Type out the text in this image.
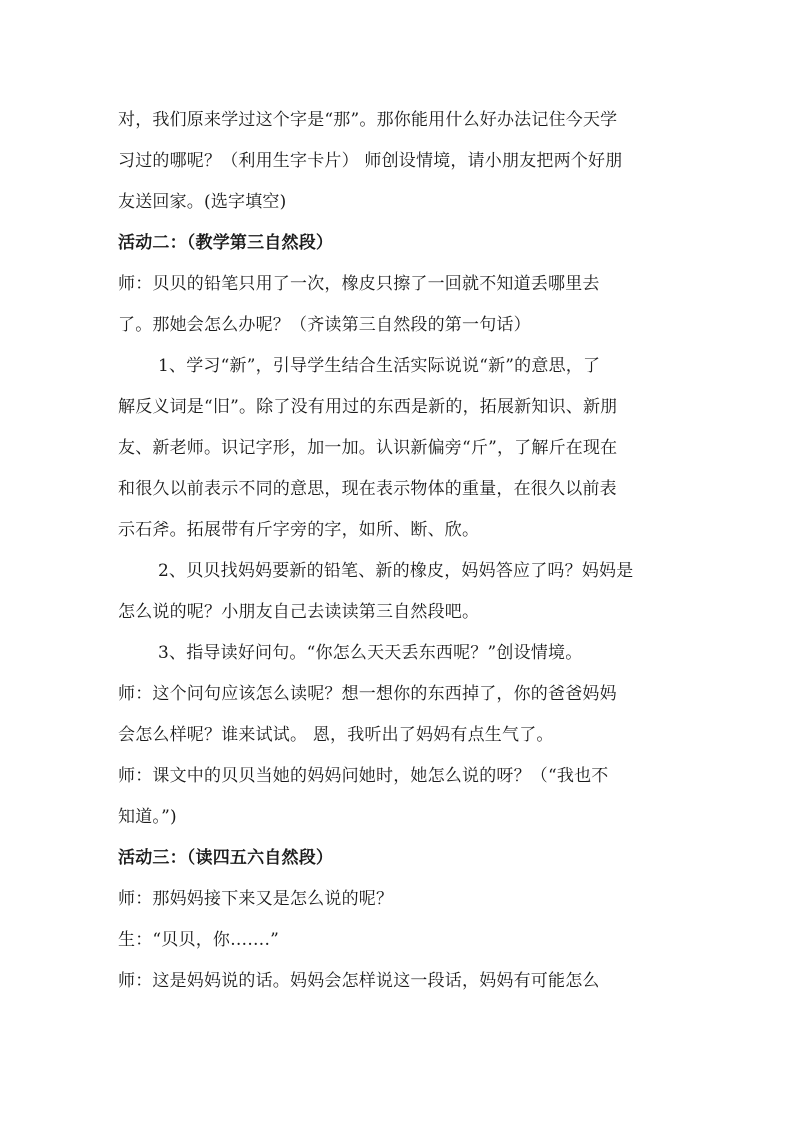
对，我们原来学过这个字是“那”。那你能用什么好办法记住今天学
习过的哪呢？（利用生字卡片） 师创设情境，请小朋友把两个好朋
友送回家。(选字填空)
活动二：（教学第三自然段）
师：贝贝的铅笔只用了一次，橡皮只擦了一回就不知道丢哪里去
了。那她会怎么办呢？（齐读第三自然段的第一句话）
1、学习“新”，引导学生结合生活实际说说“新”的意思，了
解反义词是“旧”。除了没有用过的东西是新的，拓展新知识、新朋
友、新老师。识记字形，加一加。认识新偏旁“斤”，了解斤在现在
和很久以前表示不同的意思，现在表示物体的重量，在很久以前表
示石斧。拓展带有斤字旁的字，如所、断、欣。
2、贝贝找妈妈要新的铅笔、新的橡皮，妈妈答应了吗？妈妈是
怎么说的呢？小朋友自己去读读第三自然段吧。
3、指导读好问句。“你怎么天天丢东西呢？”创设情境。
师：这个问句应该怎么读呢？想一想你的东西掉了，你的爸爸妈妈
会怎么样呢？谁来试试。 恩，我听出了妈妈有点生气了。
师：课文中的贝贝当她的妈妈问她时，她怎么说的呀？（“我也不
知道。”)
活动三：（读四五六自然段）
师：那妈妈接下来又是怎么说的呢？
生：“贝贝，你…….”
师：这是妈妈说的话。妈妈会怎样说这一段话，妈妈有可能怎么
